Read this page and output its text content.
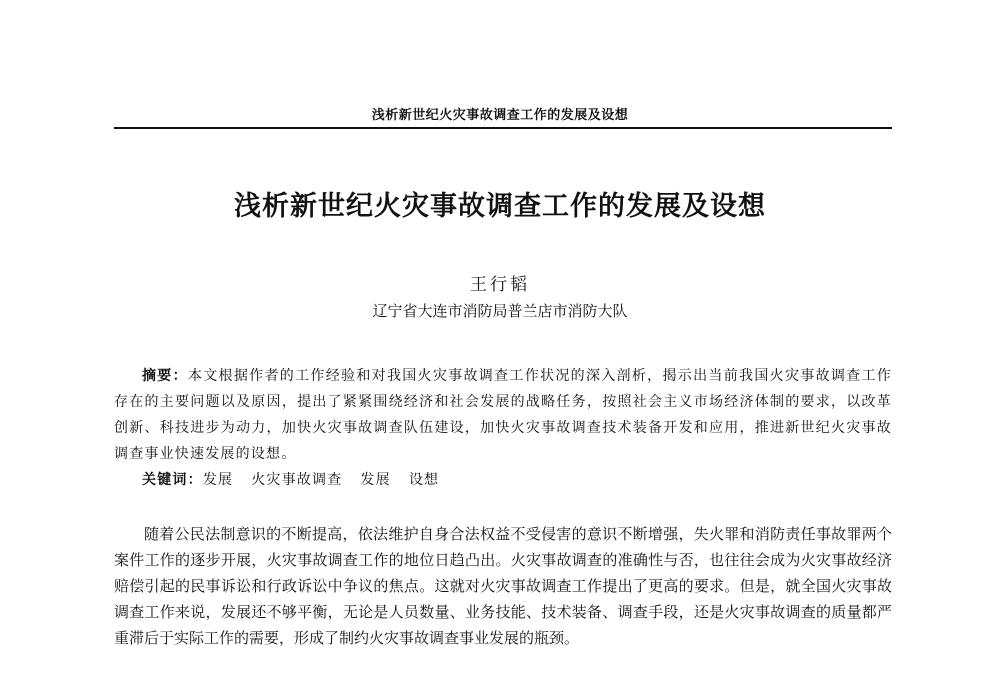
浅析新世纪火灾事故调查工作的发展及设想
浅析新世纪火灾事故调查工作的发展及设想
王行韬
辽宁省大连市消防局普兰店市消防大队
摘要：本文根据作者的工作经验和对我国火灾事故调查工作状况的深入剖析，揭示出当前我国火灾事故调查工作存在的主要问题以及原因，提出了紧紧围绕经济和社会发展的战略任务，按照社会主义市场经济体制的要求，以改革创新、科技进步为动力，加快火灾事故调查队伍建设，加快火灾事故调查技术装备开发和应用，推进新世纪火灾事故调查事业快速发展的设想。
关键词：发展 火灾事故调查 发展 设想
随着公民法制意识的不断提高，依法维护自身合法权益不受侵害的意识不断增强，失火罪和消防责任事故罪两个案件工作的逐步开展，火灾事故调查工作的地位日趋凸出。火灾事故调查的准确性与否，也往往会成为火灾事故经济赔偿引起的民事诉讼和行政诉讼中争议的焦点。这就对火灾事故调查工作提出了更高的要求。但是，就全国火灾事故调查工作来说，发展还不够平衡，无论是人员数量、业务技能、技术装备、调查手段，还是火灾事故调查的质量都严重滞后于实际工作的需要，形成了制约火灾事故调查事业发展的瓶颈。
